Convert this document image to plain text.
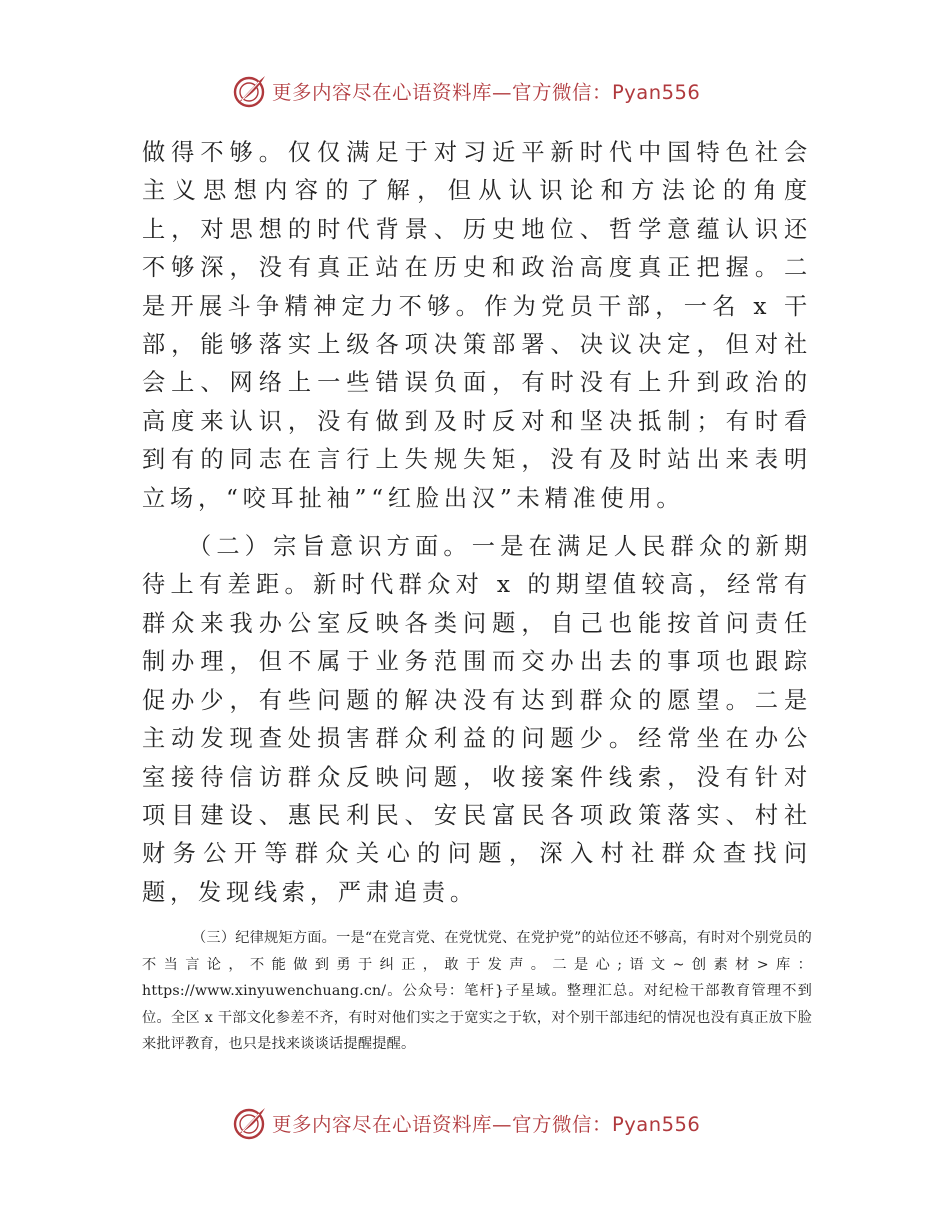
更多内容尽在心语资料库—官方微信：Pyan556

做得不够。仅仅满足于对习近平新时代中国特色社会主义思想内容的了解，但从认识论和方法论的角度上，对思想的时代背景、历史地位、哲学意蕴认识还不够深，没有真正站在历史和政治高度真正把握。二是开展斗争精神定力不够。作为党员干部，一名 x 干部，能够落实上级各项决策部署、决议决定，但对社会上、网络上一些错误负面，有时没有上升到政治的高度来认识，没有做到及时反对和坚决抵制；有时看到有的同志在言行上失规失矩，没有及时站出来表明立场，“咬耳扯袖”“红脸出汉”未精准使用。

（二）宗旨意识方面。一是在满足人民群众的新期待上有差距。新时代群众对 x 的期望值较高，经常有群众来我办公室反映各类问题，自己也能按首问责任制办理，但不属于业务范围而交办出去的事项也跟踪促办少，有些问题的解决没有达到群众的愿望。二是主动发现查处损害群众利益的问题少。经常坐在办公室接待信访群众反映问题，收接案件线索，没有针对项目建设、惠民利民、安民富民各项政策落实、村社财务公开等群众关心的问题，深入村社群众查找问题，发现线索，严肃追责。

（三）纪律规矩方面。一是“在党言党、在党忧党、在党护党”的站位还不够高，有时对个别党员的不当言论，不能做到勇于纠正，敢于发声。二是心;语文~创素材>库：https://www.xinyuwenchuang.cn/。公众号：笔杆}子星域。整理汇总。对纪检干部教育管理不到位。全区 x 干部文化参差不齐，有时对他们实之于宽实之于软，对个别干部违纪的情况也没有真正放下脸来批评教育，也只是找来谈谈话提醒提醒。

更多内容尽在心语资料库—官方微信：Pyan556
